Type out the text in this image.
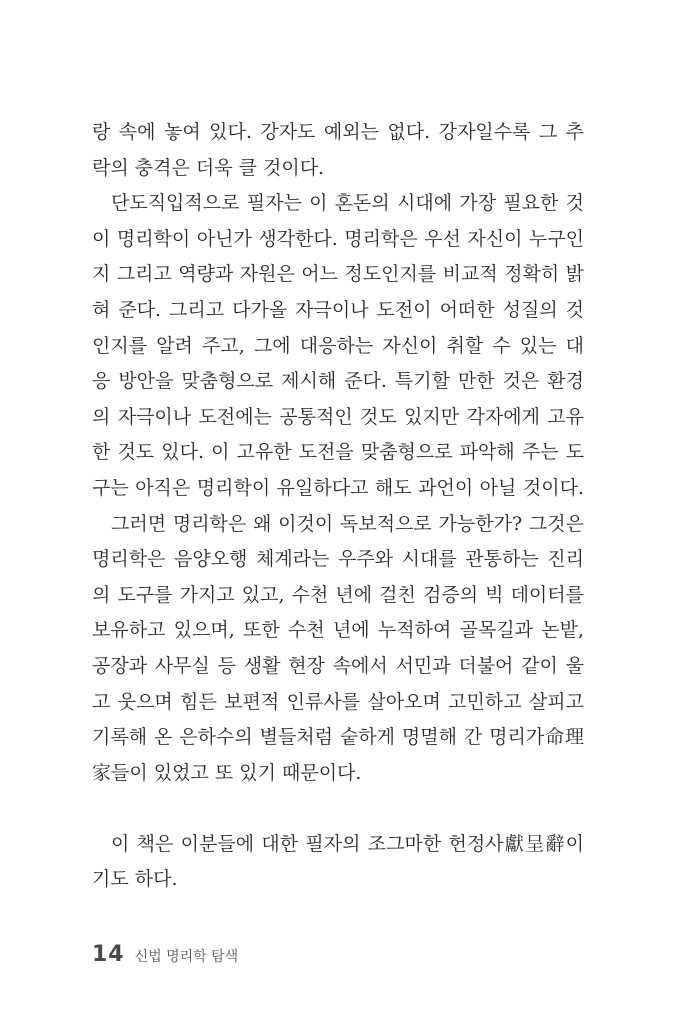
랑 속에 놓여 있다. 강자도 예외는 없다. 강자일수록 그 추
락의 충격은 더욱 클 것이다.
단도직입적으로 필자는 이 혼돈의 시대에 가장 필요한 것
이 명리학이 아닌가 생각한다. 명리학은 우선 자신이 누구인
지 그리고 역량과 자원은 어느 정도인지를 비교적 정확히 밝
혀 준다. 그리고 다가올 자극이나 도전이 어떠한 성질의 것
인지를 알려 주고, 그에 대응하는 자신이 취할 수 있는 대
응 방안을 맞춤형으로 제시해 준다. 특기할 만한 것은 환경
의 자극이나 도전에는 공통적인 것도 있지만 각자에게 고유
한 것도 있다. 이 고유한 도전을 맞춤형으로 파악해 주는 도
구는 아직은 명리학이 유일하다고 해도 과언이 아닐 것이다.
그러면 명리학은 왜 이것이 독보적으로 가능한가? 그것은
명리학은 음양오행 체계라는 우주와 시대를 관통하는 진리
의 도구를 가지고 있고, 수천 년에 걸친 검증의 빅 데이터를
보유하고 있으며, 또한 수천 년에 누적하여 골목길과 논밭,
공장과 사무실 등 생활 현장 속에서 서민과 더불어 같이 울
고 웃으며 힘든 보편적 인류사를 살아오며 고민하고 살피고
기록해 온 은하수의 별들처럼 숱하게 명멸해 간 명리가命理
家들이 있었고 또 있기 때문이다.
이 책은 이분들에 대한 필자의 조그마한 헌정사獻呈辭이
기도 하다.
14 신법 명리학 탐색
